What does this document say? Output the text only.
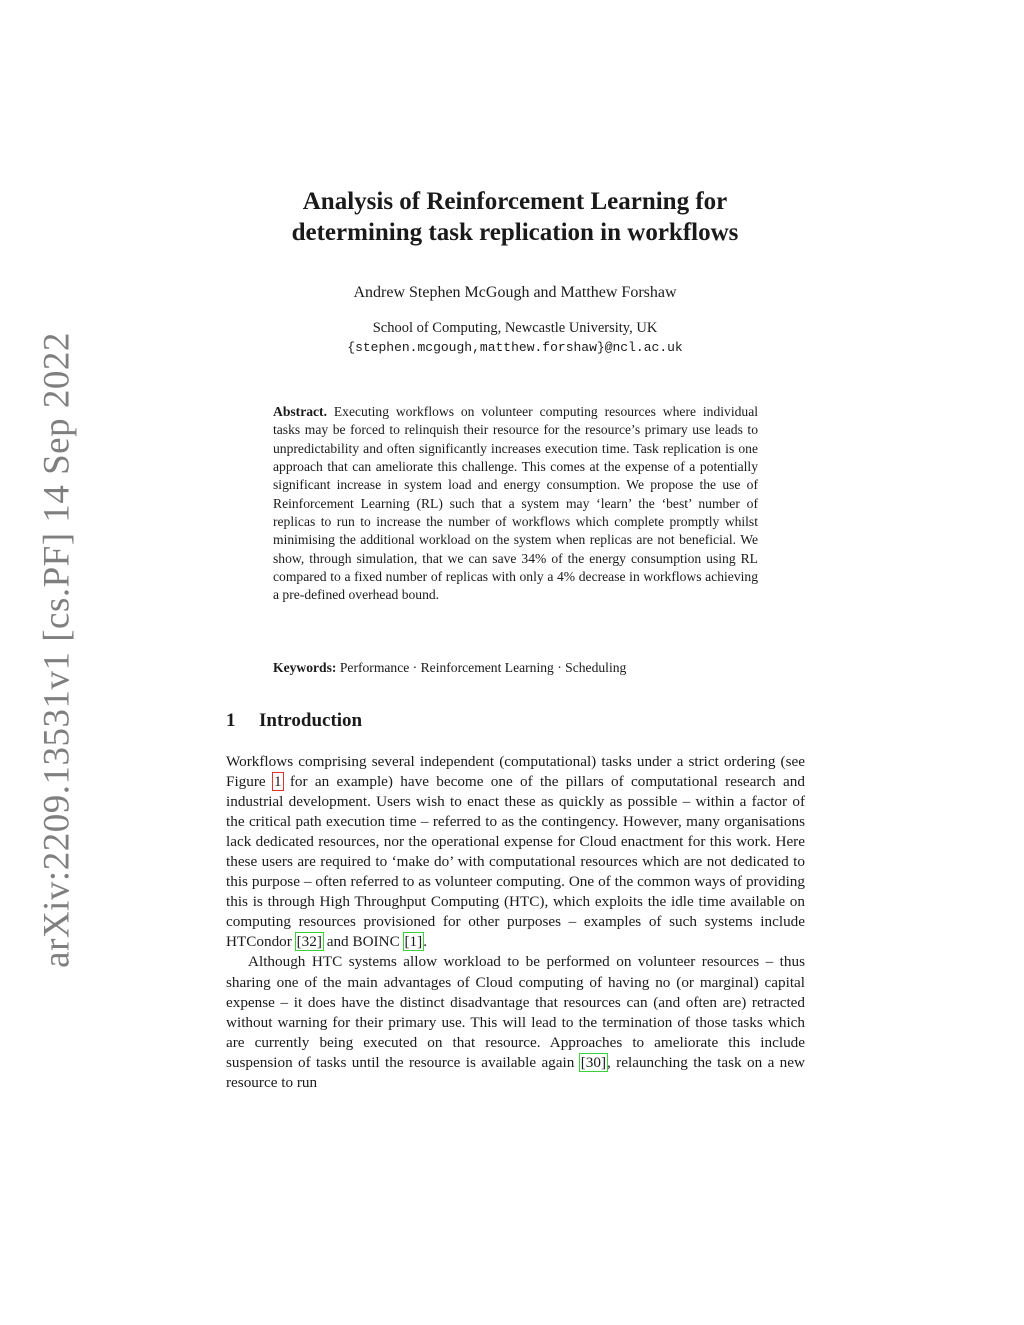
arXiv:2209.13531v1 [cs.PF] 14 Sep 2022
Analysis of Reinforcement Learning for
determining task replication in workflows
Andrew Stephen McGough and Matthew Forshaw
School of Computing, Newcastle University, UK
{stephen.mcgough,matthew.forshaw}@ncl.ac.uk
Abstract. Executing workflows on volunteer computing resources where individual tasks may be forced to relinquish their resource for the resource’s primary use leads to unpredictability and often significantly increases execution time. Task replication is one approach that can ameliorate this challenge. This comes at the expense of a potentially significant increase in system load and energy consumption. We propose the use of Reinforcement Learning (RL) such that a system may ‘learn’ the ‘best’ number of replicas to run to increase the number of workflows which complete promptly whilst minimising the additional workload on the system when replicas are not beneficial. We show, through simulation, that we can save 34% of the energy consumption using RL compared to a fixed number of replicas with only a 4% decrease in workflows achieving a pre-defined overhead bound.
Keywords: Performance · Reinforcement Learning · Scheduling
1 Introduction

Workflows comprising several independent (computational) tasks under a strict ordering (see Figure 1 for an example) have become one of the pillars of computational research and industrial development. Users wish to enact these as quickly as possible – within a factor of the critical path execution time – referred to as the contingency. However, many organisations lack dedicated resources, nor the operational expense for Cloud enactment for this work. Here these users are required to ‘make do’ with computational resources which are not dedicated to this purpose – often referred to as volunteer computing. One of the common ways of providing this is through High Throughput Computing (HTC), which exploits the idle time available on computing resources provisioned for other purposes – examples of such systems include HTCondor [32] and BOINC [1].

Although HTC systems allow workload to be performed on volunteer resources – thus sharing one of the main advantages of Cloud computing of having no (or marginal) capital expense – it does have the distinct disadvantage that resources can (and often are) retracted without warning for their primary use. This will lead to the termination of those tasks which are currently being executed on that resource. Approaches to ameliorate this include suspension of tasks until the resource is available again [30], relaunching the task on a new resource to run
